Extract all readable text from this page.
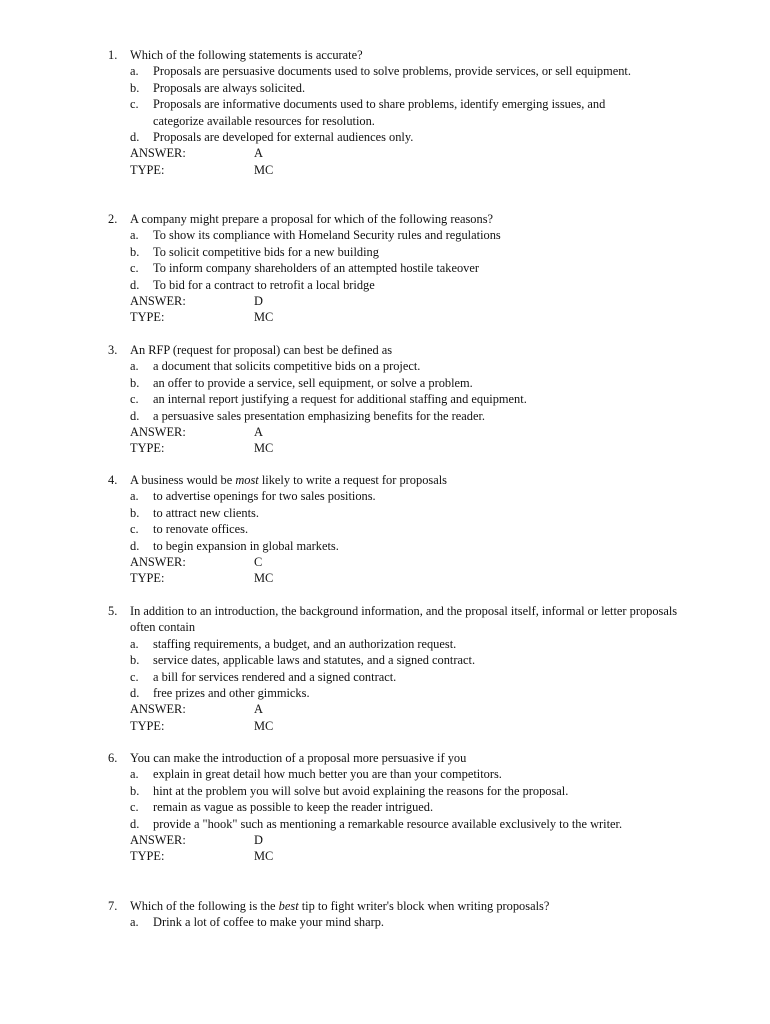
1.	Which of the following statements is accurate?
a.	Proposals are persuasive documents used to solve problems, provide services, or sell equipment.
b.	Proposals are always solicited.
c.	Proposals are informative documents used to share problems, identify emerging issues, and categorize available resources for resolution.
d.	Proposals are developed for external audiences only.
ANSWER:	A
TYPE:	MC
2.	A company might prepare a proposal for which of the following reasons?
a.	To show its compliance with Homeland Security rules and regulations
b.	To solicit competitive bids for a new building
c.	To inform company shareholders of an attempted hostile takeover
d.	To bid for a contract to retrofit a local bridge
ANSWER:	D
TYPE:	MC
3.	An RFP (request for proposal) can best be defined as
a.	a document that solicits competitive bids on a project.
b.	an offer to provide a service, sell equipment, or solve a problem.
c.	an internal report justifying a request for additional staffing and equipment.
d.	a persuasive sales presentation emphasizing benefits for the reader.
ANSWER:	A
TYPE:	MC
4.	A business would be most likely to write a request for proposals
a.	to advertise openings for two sales positions.
b.	to attract new clients.
c.	to renovate offices.
d.	to begin expansion in global markets.
ANSWER:	C
TYPE:	MC
5.	In addition to an introduction, the background information, and the proposal itself, informal or letter proposals often contain
a.	staffing requirements, a budget, and an authorization request.
b.	service dates, applicable laws and statutes, and a signed contract.
c.	a bill for services rendered and a signed contract.
d.	free prizes and other gimmicks.
ANSWER:	A
TYPE:	MC
6.	You can make the introduction of a proposal more persuasive if you
a.	explain in great detail how much better you are than your competitors.
b.	hint at the problem you will solve but avoid explaining the reasons for the proposal.
c.	remain as vague as possible to keep the reader intrigued.
d.	provide a "hook" such as mentioning a remarkable resource available exclusively to the writer.
ANSWER:	D
TYPE:	MC
7.	Which of the following is the best tip to fight writer's block when writing proposals?
a.	Drink a lot of coffee to make your mind sharp.
